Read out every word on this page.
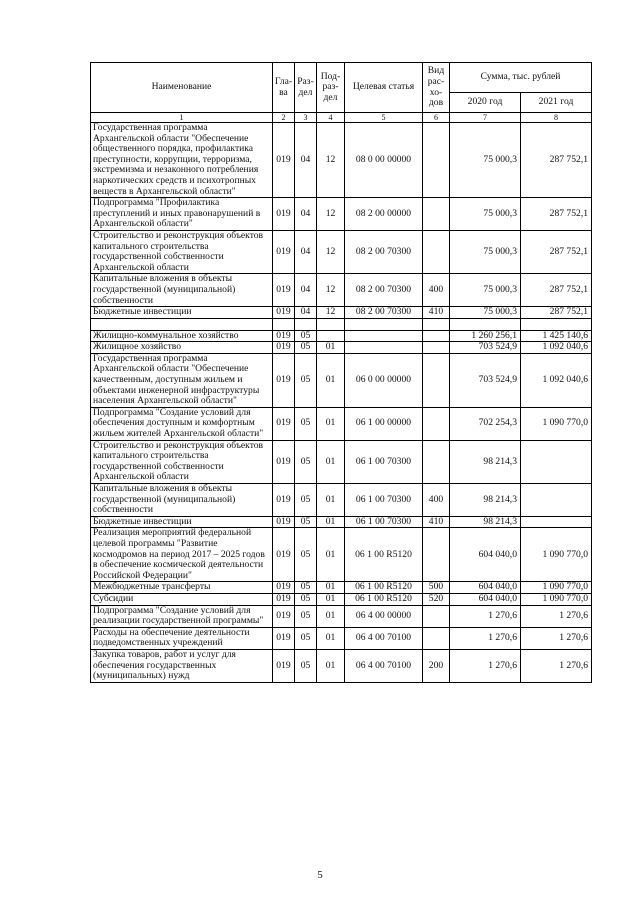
Наименование	Гла-ва	Раз-дел	Под-раз-дел	Целевая статья	Вид рас-хо-дов	Сумма, тыс. рублей	
						2020 год	2021 год
1	2	3	4	5	6	7	8
Государственная программа Архангельской области "Обеспечение общественного порядка, профилактика преступности, коррупции, терроризма, экстремизма и незаконного потребления наркотических средств и психотропных веществ в Архангельской области"	019	04	12	08 0 00 00000		75 000,3	287 752,1
Подпрограмма "Профилактика преступлений и иных правонарушений в Архангельской области"	019	04	12	08 2 00 00000		75 000,3	287 752,1
Строительство и реконструкция объектов капитального строительства государственной собственности Архангельской области	019	04	12	08 2 00 70300		75 000,3	287 752,1
Капитальные вложения в объекты государственной (муниципальной) собственности	019	04	12	08 2 00 70300	400	75 000,3	287 752,1
Бюджетные инвестиции	019	04	12	08 2 00 70300	410	75 000,3	287 752,1

Жилищно-коммунальное хозяйство	019	05				1 260 256,1	1 425 140,6
Жилищное хозяйство	019	05	01			703 524,9	1 092 040,6
Государственная программа Архангельской области "Обеспечение качественным, доступным жильем и объектами инженерной инфраструктуры населения Архангельской области"	019	05	01	06 0 00 00000		703 524,9	1 092 040,6
Подпрограмма "Создание условий для обеспечения доступным и комфортным жильем жителей Архангельской области"	019	05	01	06 1 00 00000		702 254,3	1 090 770,0
Строительство и реконструкция объектов капитального строительства государственной собственности Архангельской области	019	05	01	06 1 00 70300		98 214,3	
Капитальные вложения в объекты государственной (муниципальной) собственности	019	05	01	06 1 00 70300	400	98 214,3	
Бюджетные инвестиции	019	05	01	06 1 00 70300	410	98 214,3	
Реализация мероприятий федеральной целевой программы "Развитие космодромов на период 2017 – 2025 годов в обеспечение космической деятельности Российской Федерации"	019	05	01	06 1 00 R5120		604 040,0	1 090 770,0
Межбюджетные трансферты	019	05	01	06 1 00 R5120	500	604 040,0	1 090 770,0
Субсидии	019	05	01	06 1 00 R5120	520	604 040,0	1 090 770,0
Подпрограмма "Создание условий для реализации государственной программы"	019	05	01	06 4 00 00000		1 270,6	1 270,6
Расходы на обеспечение деятельности подведомственных учреждений	019	05	01	06 4 00 70100		1 270,6	1 270,6
Закупка товаров, работ и услуг для обеспечения государственных (муниципальных) нужд	019	05	01	06 4 00 70100	200	1 270,6	1 270,6
5
